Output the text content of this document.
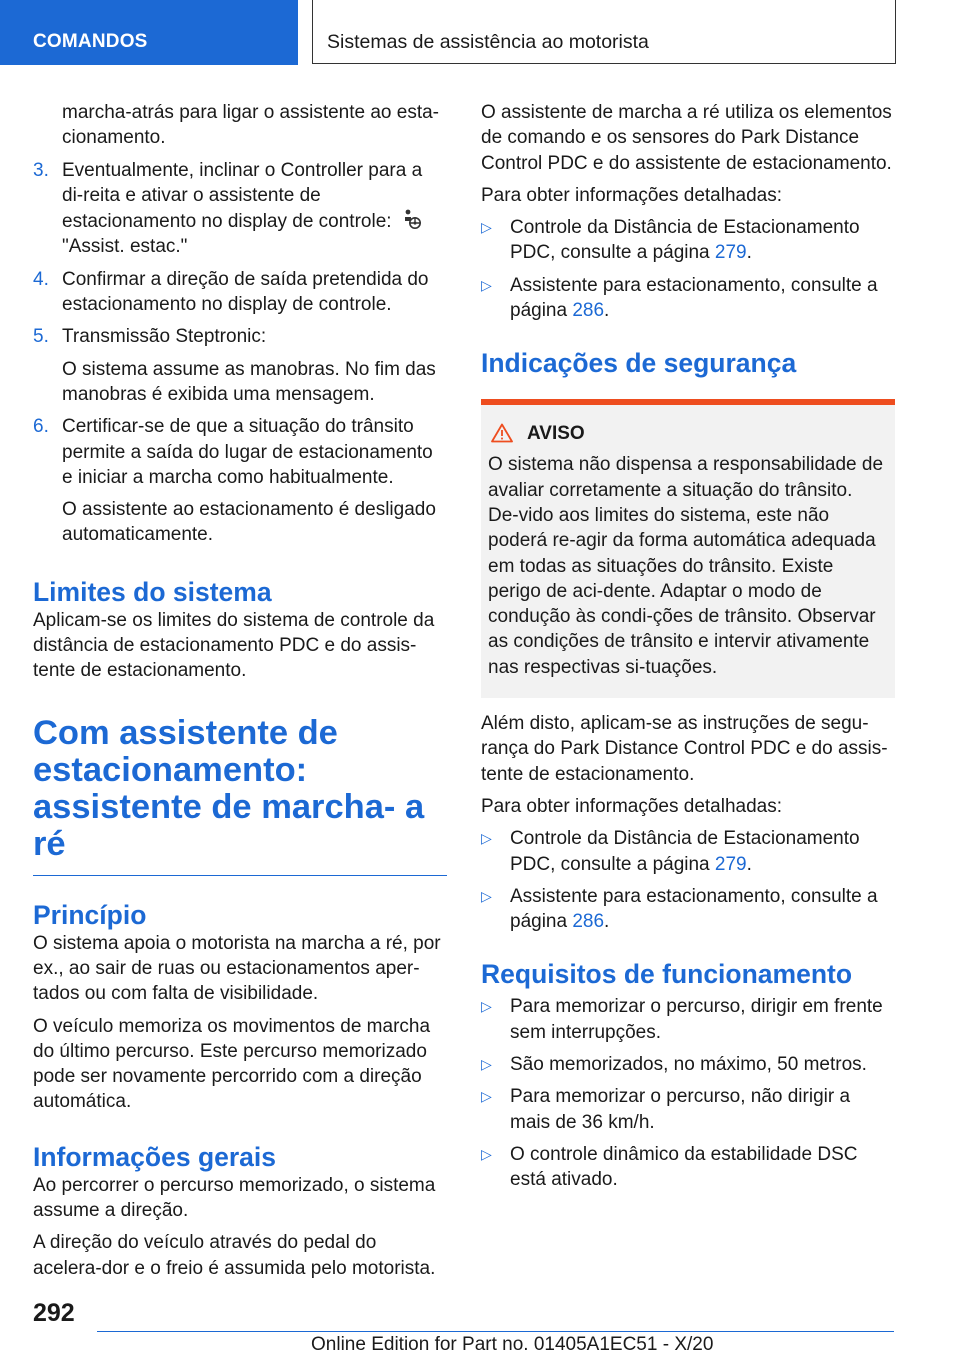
COMANDOS	Sistemas de assistência ao motorista

marcha-atrás para ligar o assistente ao esta‐cionamento.

3. Eventualmente, inclinar o Controller para a di‐reita e ativar o assistente de estacionamento no display de controle:"Assist. estac."

4. Confirmar a direção de saída pretendida do estacionamento no display de controle.

5. Transmissão Steptronic:

O sistema assume as manobras. No fim das manobras é exibida uma mensagem.

6. Certificar-se de que a situação do trânsito permite a saída do lugar de estacionamento e iniciar a marcha como habitualmente.

O assistente ao estacionamento é desligado automaticamente.

Limites do sistema

Aplicam-se os limites do sistema de controle da distância de estacionamento PDC e do assis‐tente de estacionamento.

Com assistente de estacionamento: assistente de marcha- a ré
Princípio

O sistema apoia o motorista na marcha a ré, por ex., ao sair de ruas ou estacionamentos aper‐tados ou com falta de visibilidade.

O veículo memoriza os movimentos de marcha do último percurso. Este percurso memorizado pode ser novamente percorrido com a direção automática.

Informações gerais

Ao percorrer o percurso memorizado, o sistema assume a direção.

A direção do veículo através do pedal do acelera‐dor e o freio é assumida pelo motorista.

O assistente de marcha a ré utiliza os elementos de comando e os sensores do Park Distance Control PDC e do assistente de estacionamento.

Para obter informações detalhadas:

▷ Controle da Distância de Estacionamento PDC, consulte a página 279.

▷ Assistente para estacionamento, consulte a página 286.

Indicações de segurança
AVISO

O sistema não dispensa a responsabilidade de avaliar corretamente a situação do trânsito. De‐vido aos limites do sistema, este não poderá re‐agir da forma automática adequada em todas as situações do trânsito. Existe perigo de aci‐dente. Adaptar o modo de condução às condi‐ções de trânsito. Observar as condições de trânsito e intervir ativamente nas respectivas si‐tuações.

Além disto, aplicam-se as instruções de segu‐rança do Park Distance Control PDC e do assis‐tente de estacionamento.

Para obter informações detalhadas:

▷ Controle da Distância de Estacionamento PDC, consulte a página 279.

▷ Assistente para estacionamento, consulte a página 286.

Requisitos de funcionamento
▷ Para memorizar o percurso, dirigir em frente sem interrupções.

▷ São memorizados, no máximo, 50 metros.

▷ Para memorizar o percurso, não dirigir a mais de 36 km/h.

▷ O controle dinâmico da estabilidade DSC está ativado.

292
Online Edition for Part no. 01405A1EC51 - X/20
